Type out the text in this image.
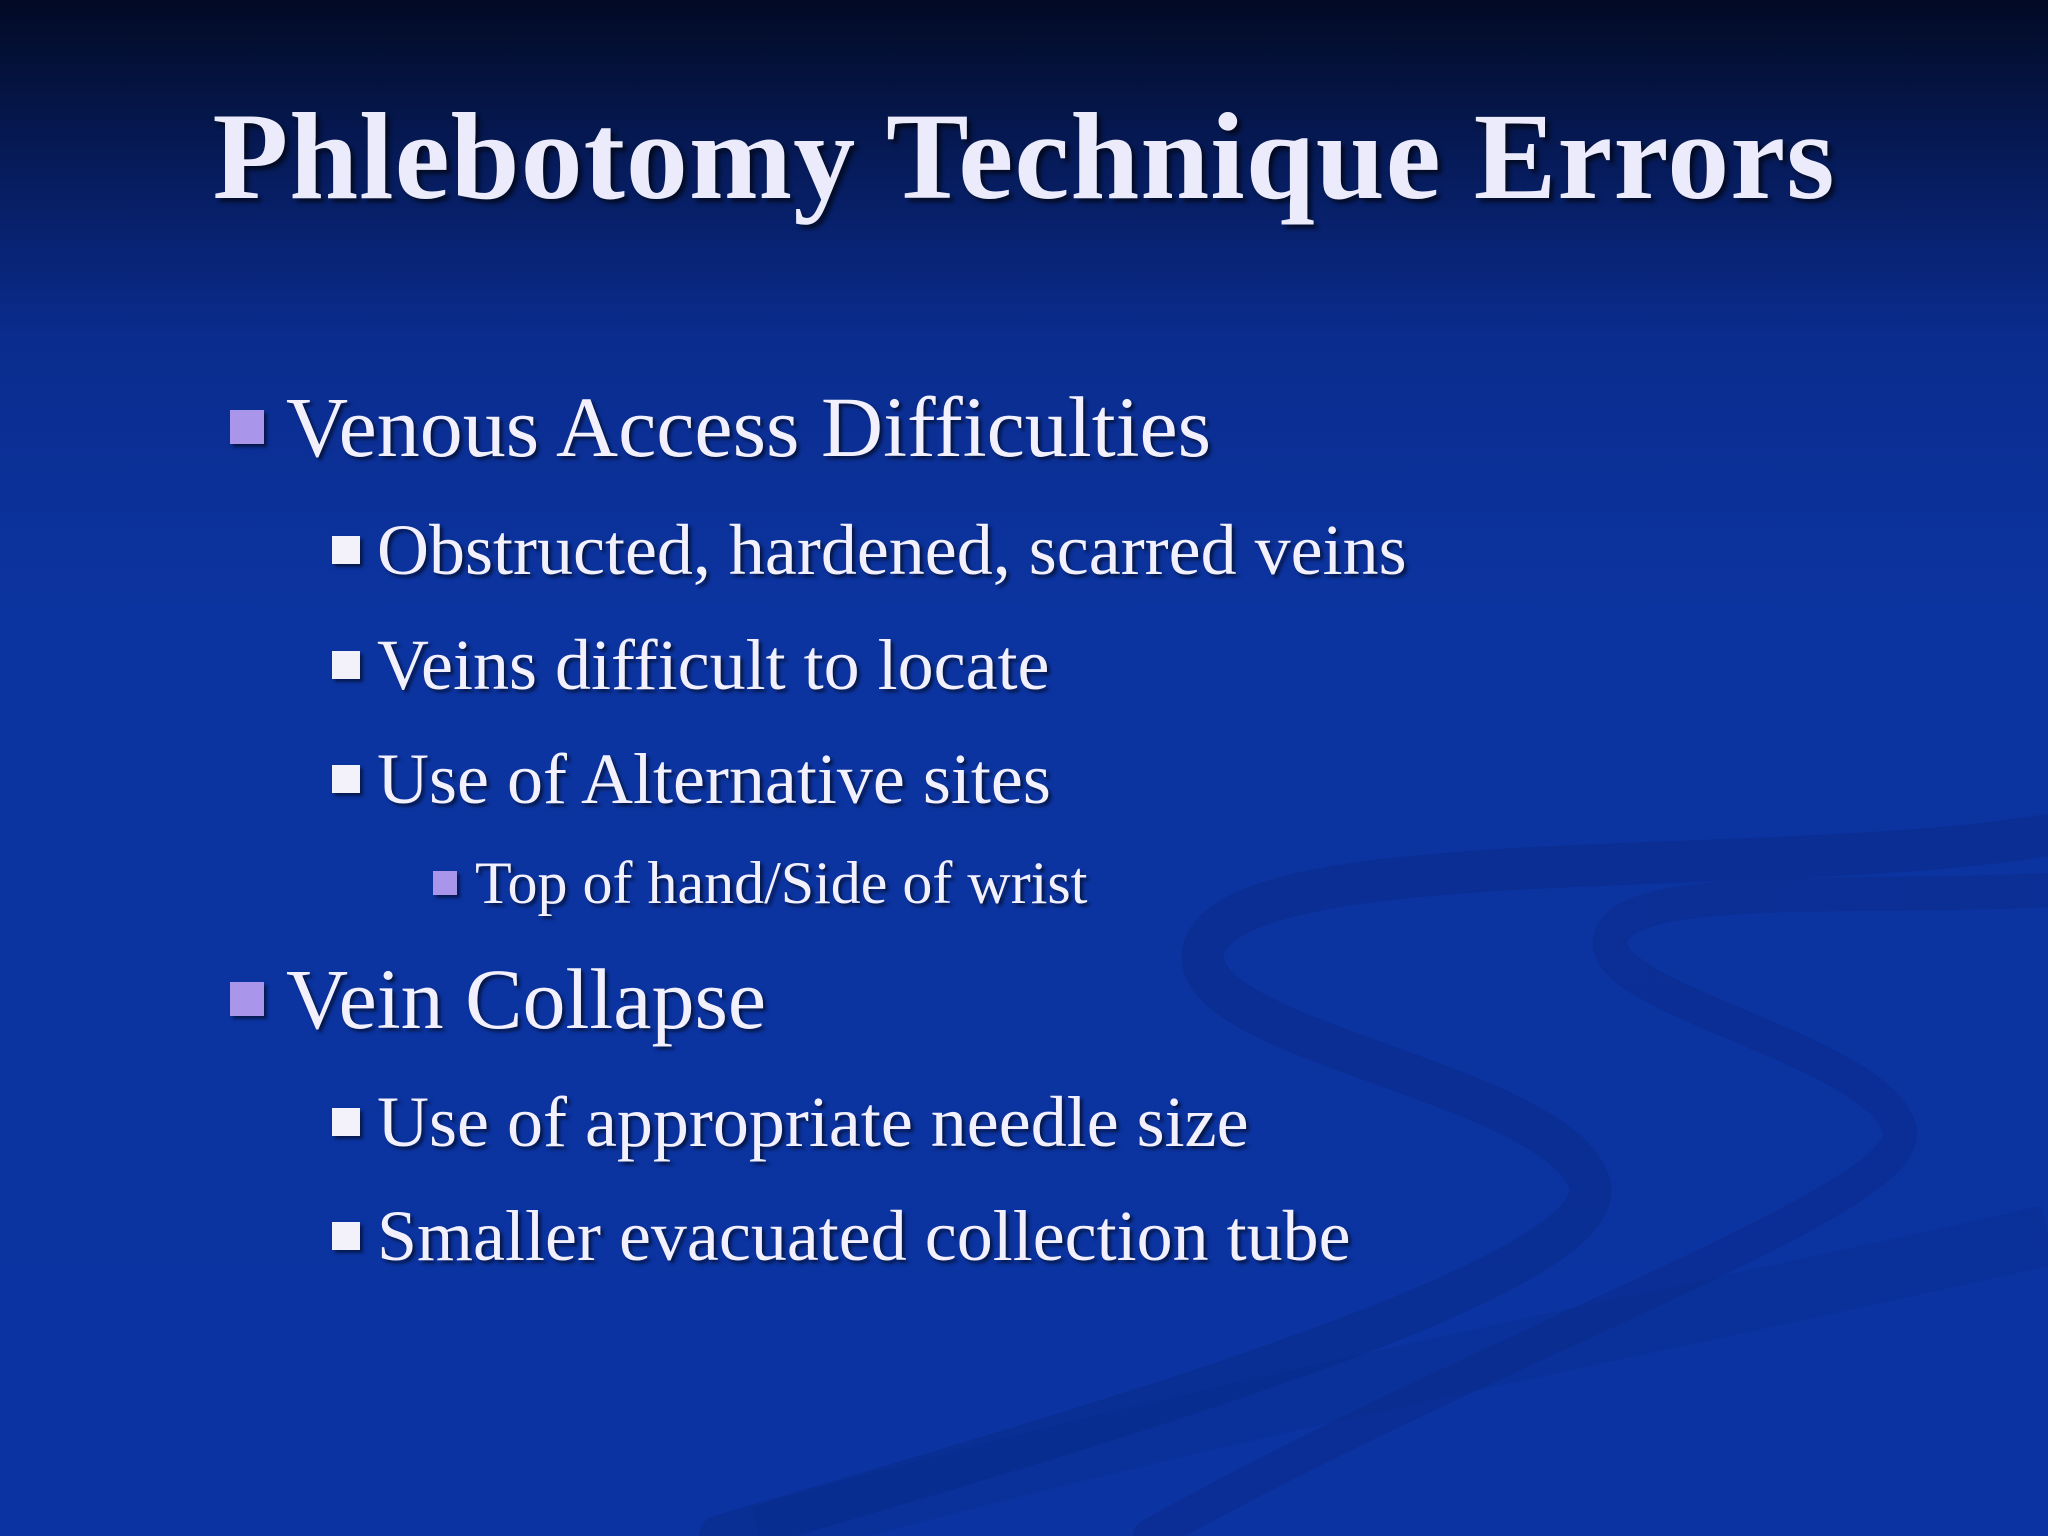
Phlebotomy Technique Errors
Venous Access Difficulties
Obstructed, hardened, scarred veins
Veins difficult to locate
Use of Alternative sites
Top of hand/Side of wrist
Vein Collapse
Use of appropriate needle size
Smaller evacuated collection tube
